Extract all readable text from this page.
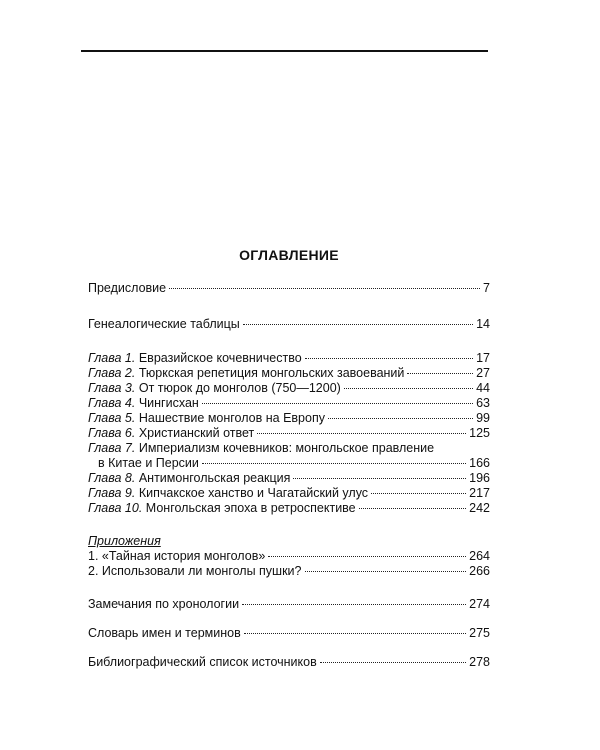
ОГЛАВЛЕНИЕ
Предисловие	7
Генеалогические таблицы	14
Глава 1. Евразийское кочевничество	17
Глава 2. Тюркская репетиция монгольских завоеваний	27
Глава 3. От тюрок до монголов (750—1200)	44
Глава 4. Чингисхан	63
Глава 5. Нашествие монголов на Европу	99
Глава 6. Христианский ответ	125
Глава 7. Империализм кочевников: монгольское правление
в Китае и Персии	166
Глава 8. Антимонгольская реакция	196
Глава 9. Кипчакское ханство и Чагатайский улус	217
Глава 10. Монгольская эпоха в ретроспективе	242
Приложения
1. «Тайная история монголов»	264
2. Использовали ли монголы пушки?	266
Замечания по хронологии	274
Словарь имен и терминов	275
Библиографический список источников	278
